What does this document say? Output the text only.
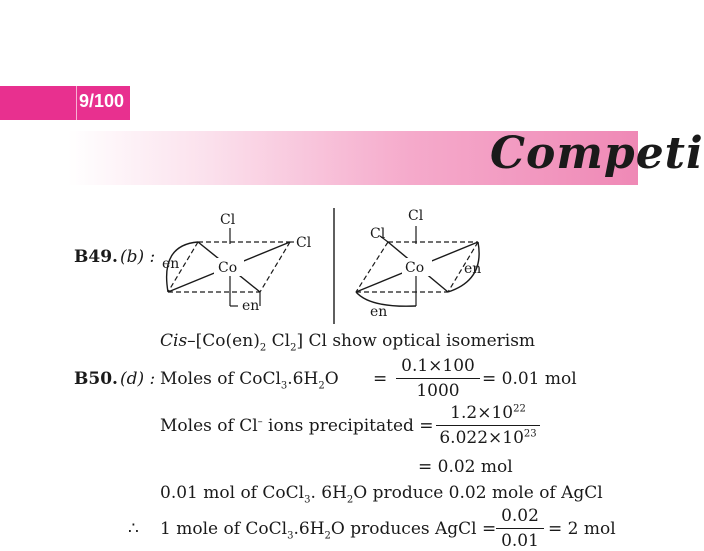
9/100
Competi
B49. (b) :
Cl
Cl
Co
en
en
Cl
Cl
Co	en
en
Cis–[$Co(en)_2$ $Cl_2$] Cl show optical isomerism
B50. (d) : Moles of $CoCl_3.6H_2O$ =
0.1×100
1000
= 0.01 mol
Moles of Cl– ions precipitated =
$1.2\times 10^{22}$
$6.022\times 10^{23}$
= 0.02 mol
0.01 mol of CoCl$_3$. $6H_2O$ produce 0.02 mole of AgCl
∴ 1 mole of $CoCl_3.6H_2O$ produces AgCl =
0.02
0.01
= 2 mol
